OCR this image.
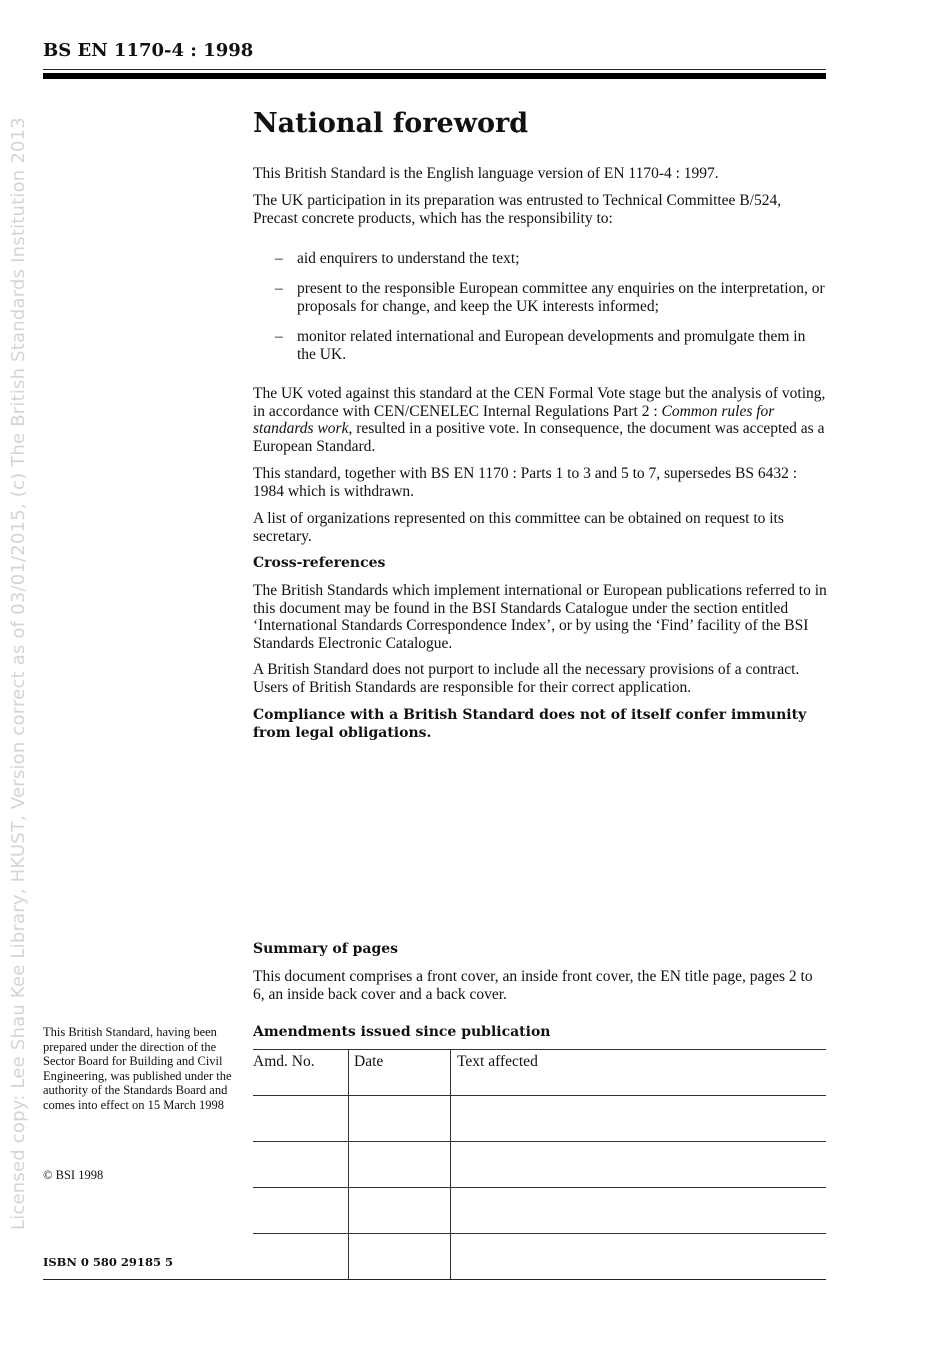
BS EN 1170-4 : 1998
Licensed copy: Lee Shau Kee Library, HKUST, Version correct as of 03/01/2015, (c) The British Standards Institution 2013	National foreword

This British Standard is the English language version of EN 1170-4 : 1997.

The UK participation in its preparation was entrusted to Technical Committee B/524, Precast concrete products, which has the responsibility to:

– aid enquirers to understand the text;
– present to the responsible European committee any enquiries on the interpretation, or proposals for change, and keep the UK interests informed;
– monitor related international and European developments and promulgate them in the UK.

The UK voted against this standard at the CEN Formal Vote stage but the analysis of voting, in accordance with CEN/CENELEC Internal Regulations Part 2 : Common rules for standards work, resulted in a positive vote. In consequence, the document was accepted as a European Standard.

This standard, together with BS EN 1170 : Parts 1 to 3 and 5 to 7, supersedes BS 6432 : 1984 which is withdrawn.

A list of organizations represented on this committee can be obtained on request to its secretary.

Cross-references

The British Standards which implement international or European publications referred to in this document may be found in the BSI Standards Catalogue under the section entitled ‘International Standards Correspondence Index’, or by using the ‘Find’ facility of the BSI Standards Electronic Catalogue.

A British Standard does not purport to include all the necessary provisions of a contract. Users of British Standards are responsible for their correct application.

Compliance with a British Standard does not of itself confer immunity from legal obligations.
Summary of pages

This document comprises a front cover, an inside front cover, the EN title page, pages 2 to 6, an inside back cover and a back cover.

Amendments issued since publication
Amd. No.	Date	Text affected

This British Standard, having been prepared under the direction of the Sector Board for Building and Civil Engineering, was published under the authority of the Standards Board and comes into effect on 15 March 1998
© BSI 1998
ISBN 0 580 29185 5
